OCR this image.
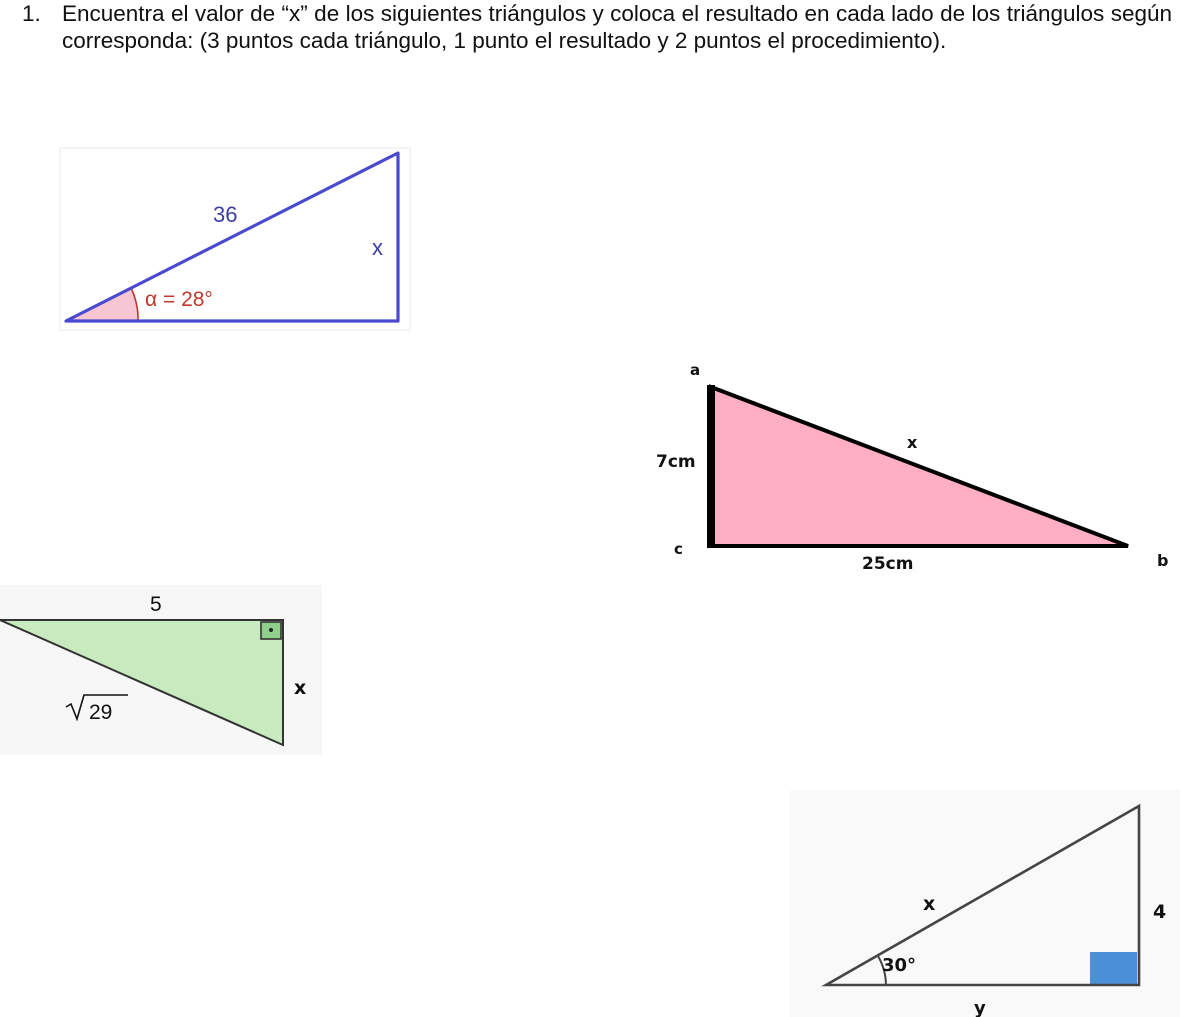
1. Encuentra el valor de “x” de los siguientes triángulos y coloca el resultado en cada lado de los triángulos según corresponda: (3 puntos cada triángulo, 1 punto el resultado y 2 puntos el procedimiento).
36
x
α = 28°
a
c
b
7cm
25cm
x
5
x
29
x
30°
4
y
